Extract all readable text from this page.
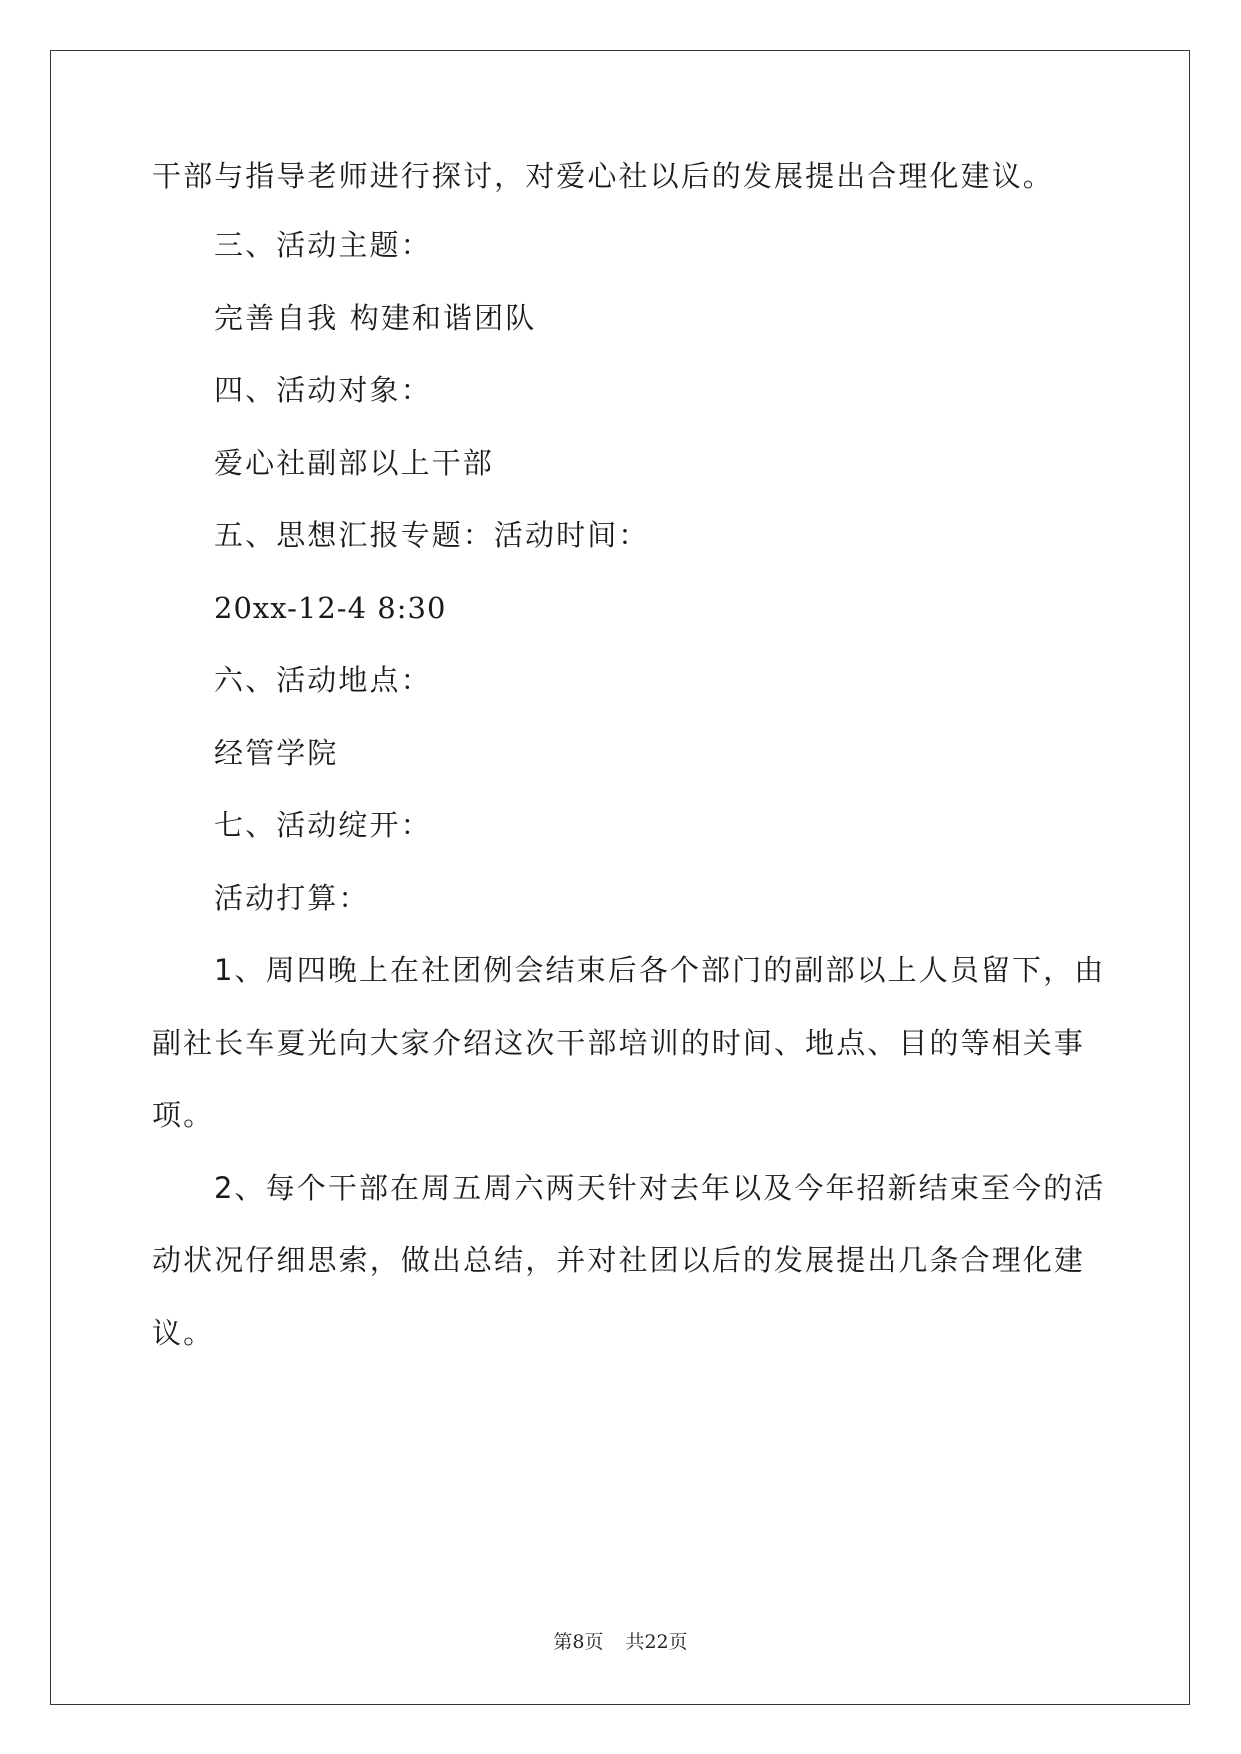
干部与指导老师进行探讨，对爱心社以后的发展提出合理化建议。
三、活动主题：
完善自我 构建和谐团队
四、活动对象：
爱心社副部以上干部
五、思想汇报专题：活动时间：
20xx-12-4 8:30
六、活动地点：
经管学院
七、活动绽开：
活动打算：
1、周四晚上在社团例会结束后各个部门的副部以上人员留下，由
副社长车夏光向大家介绍这次干部培训的时间、地点、目的等相关事
项。
2、每个干部在周五周六两天针对去年以及今年招新结束至今的活
动状况仔细思索，做出总结，并对社团以后的发展提出几条合理化建
议。
第8页 共22页
